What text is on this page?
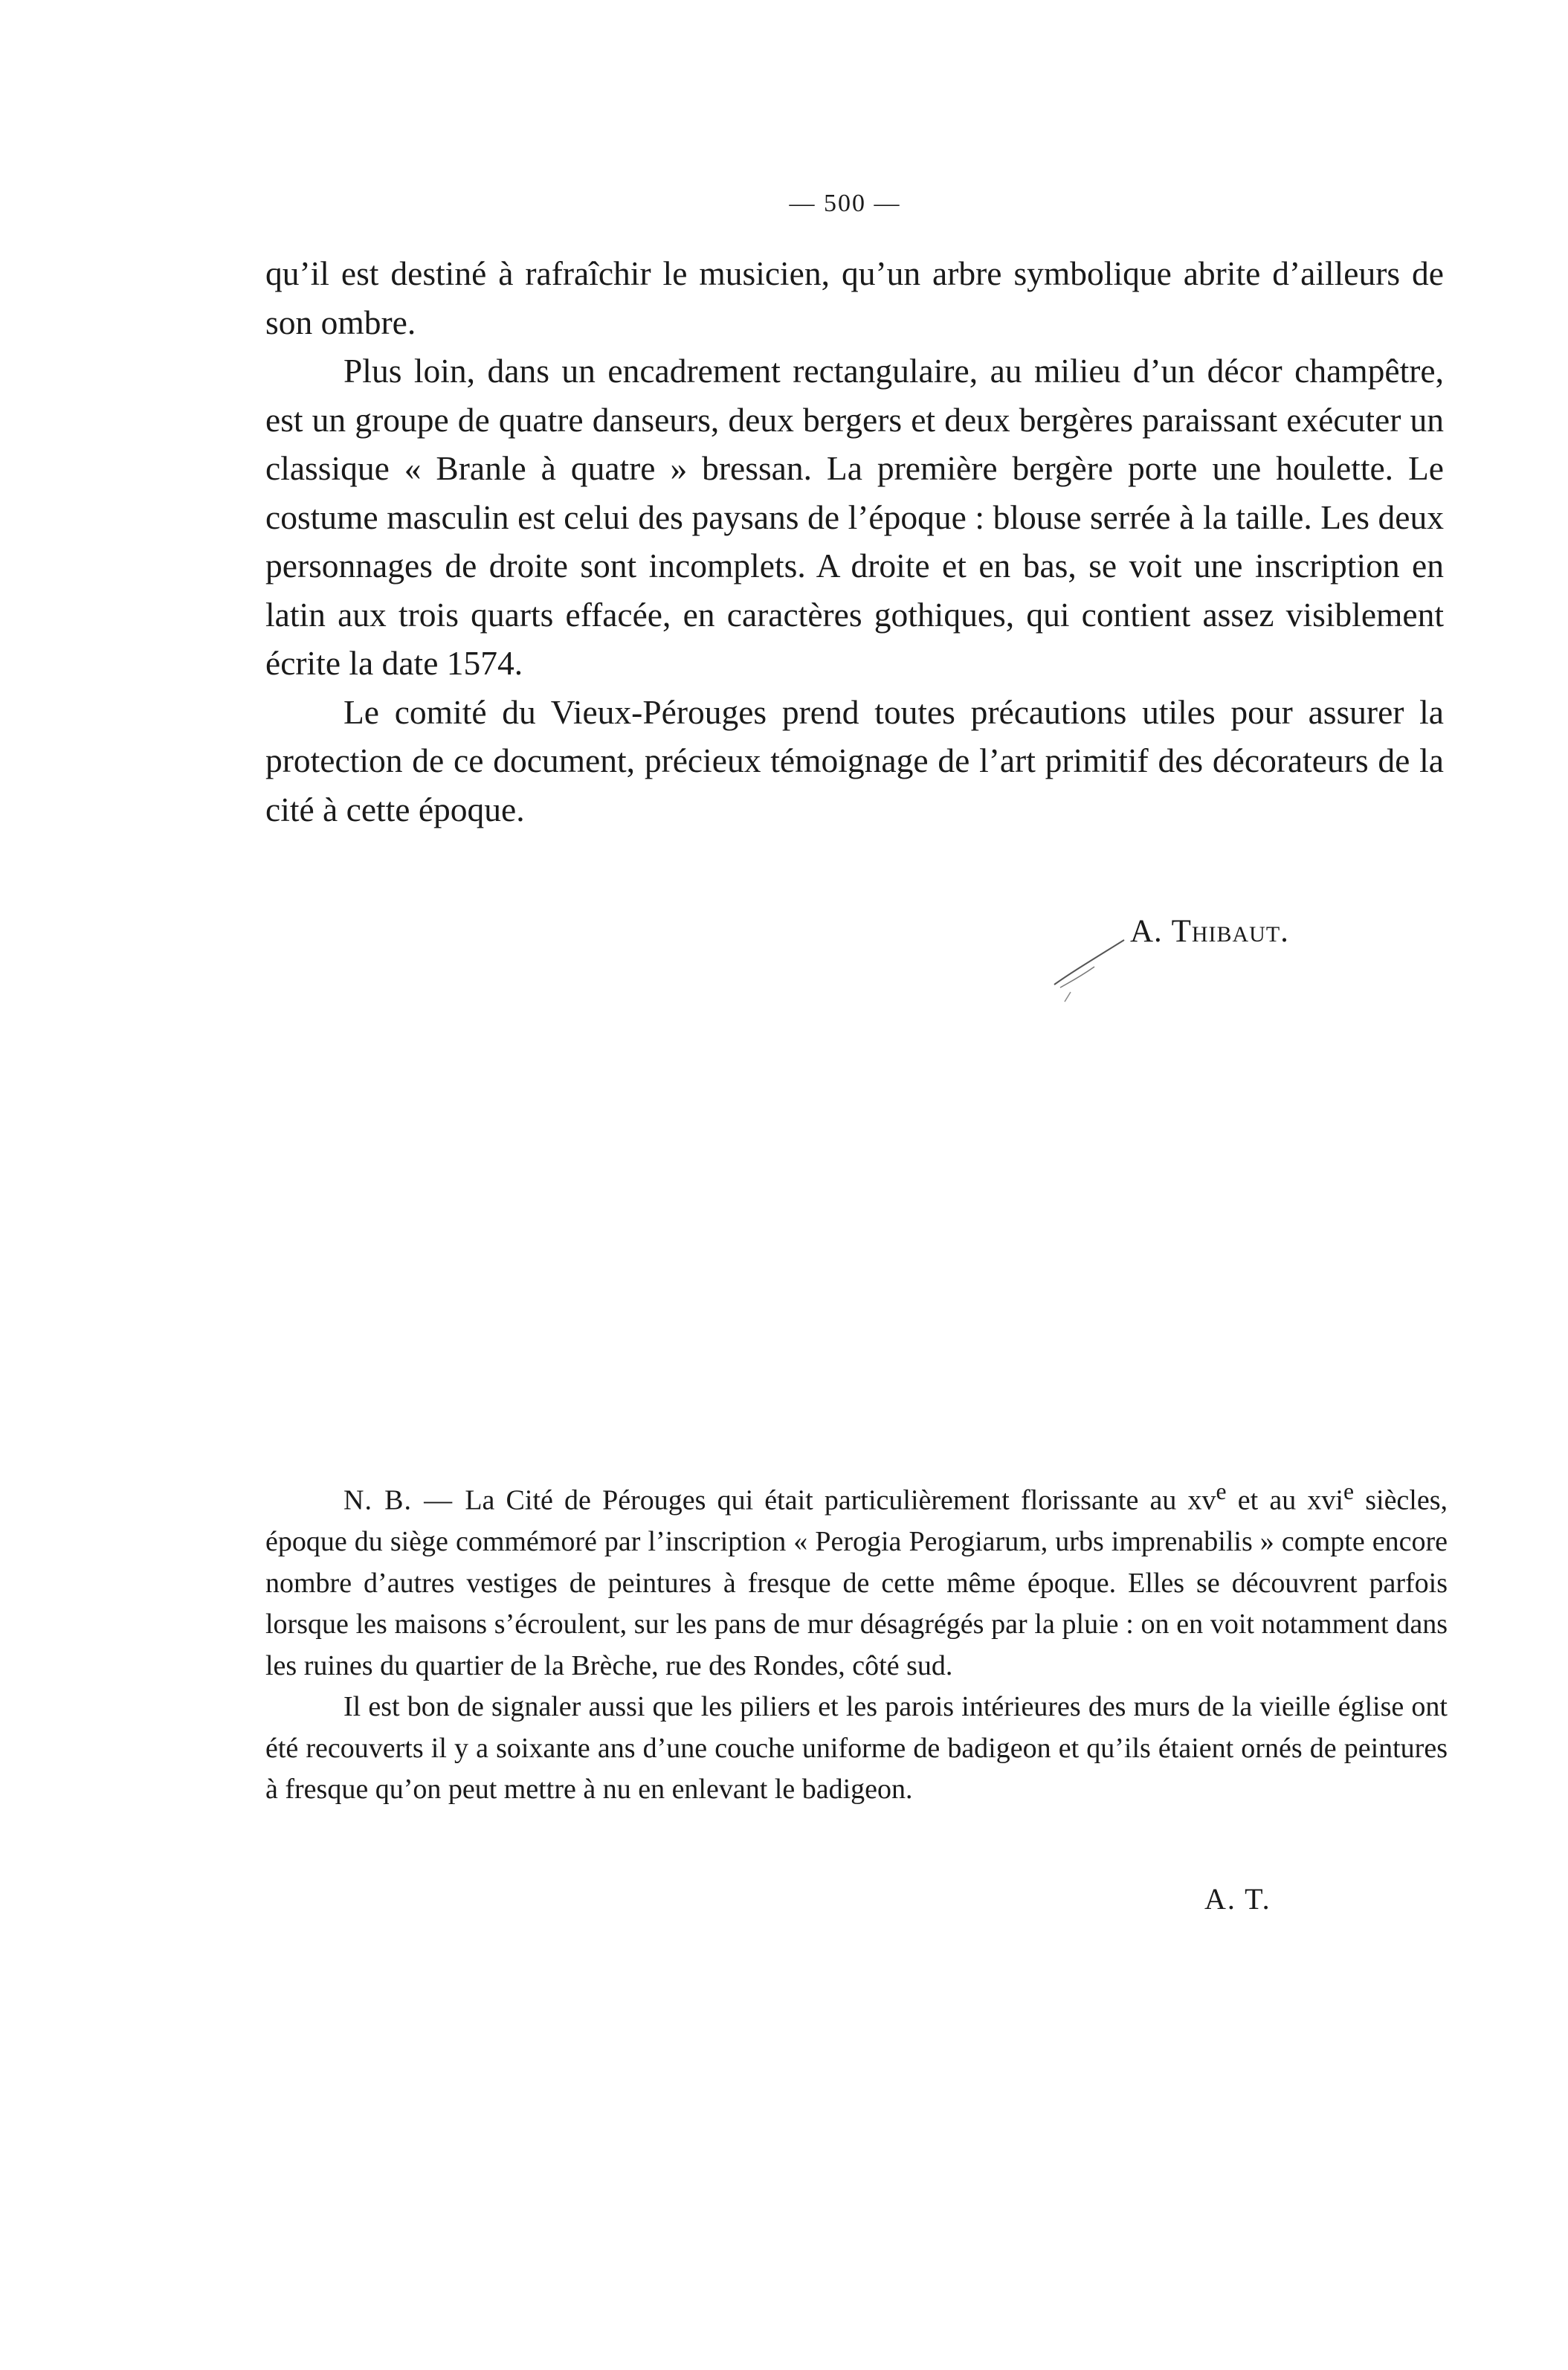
— 500 —

qu’il est destiné à rafraîchir le musicien, qu’un arbre symbolique abrite d’ailleurs de son ombre.

Plus loin, dans un encadrement rectangulaire, au milieu d’un décor champêtre, est un groupe de quatre danseurs, deux bergers et deux bergères paraissant exécuter un classique « Branle à quatre » bressan. La première bergère porte une houlette. Le costume masculin est celui des paysans de l’époque : blouse serrée à la taille. Les deux personnages de droite sont incomplets. A droite et en bas, se voit une inscription en latin aux trois quarts effacée, en caractères gothiques, qui contient assez visiblement écrite la date 1574.

Le comité du Vieux-Pérouges prend toutes précautions utiles pour assurer la protection de ce document, précieux témoignage de l’art primitif des décorateurs de la cité à cette époque.

A. Thibaut.

N. B. — La Cité de Pérouges qui était particulièrement florissante au $xv^e$ et au xvi$^e$ siècles, époque du siège commémoré par l’inscription « Perogia Perogiarum, urbs imprenabilis » compte encore nombre d’autres vestiges de peintures à fresque de cette même époque. Elles se découvrent parfois lorsque les maisons s’écroulent, sur les pans de mur désagrégés par la pluie : on en voit notamment dans les ruines du quartier de la Brèche, rue des Rondes, côté sud.

Il est bon de signaler aussi que les piliers et les parois intérieures des murs de la vieille église ont été recouverts il y a soixante ans d’une couche uniforme de badigeon et qu’ils étaient ornés de peintures à fresque qu’on peut mettre à nu en enlevant le badigeon.

A. T.
